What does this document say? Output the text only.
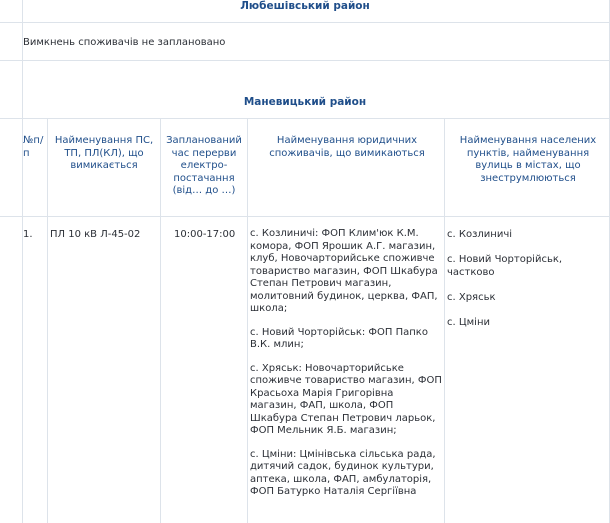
Любешівський район
Вимкнень споживачів не заплановано
Маневицький район
№п/п
Найменування ПС, ТП, ПЛ(КЛ), що вимикається
Запланований час перерви електро-постачання (від… до …)
Найменування юридичних споживачів, що вимикаються
Найменування населених пунктів, найменування вулиць в містах, що знеструмлюються
1. ПЛ 10 кВ Л-45-02	10:00-17:00 с. Козлиничі: ФОП Клим'юк К.М. комора, ФОП Ярошик А.Г. магазин, клуб, Новочарторийське споживче товариство магазин, ФОП Шкабура Степан Петрович магазин, молитовний будинок, церква, ФАП, школа;

с. Новий Чорторійськ: ФОП Папко В.К. млин;

с. Хряськ: Новочарторийське споживче товариство магазин, ФОП Красьоха Марія Григорівна магазин, ФАП, школа, ФОП Шкабура Степан Петрович ларьок, ФОП Мельник Я.Б. магазин;

с. Цміни: Цмінівська сільська рада, дитячий садок, будинок культури, аптека, школа, ФАП, амбулаторія, ФОП Батурко Наталія Сергіївна

с. Козлиничі
с. Новий Чорторійськ, частково
с. Хряськ
с. Цміни
